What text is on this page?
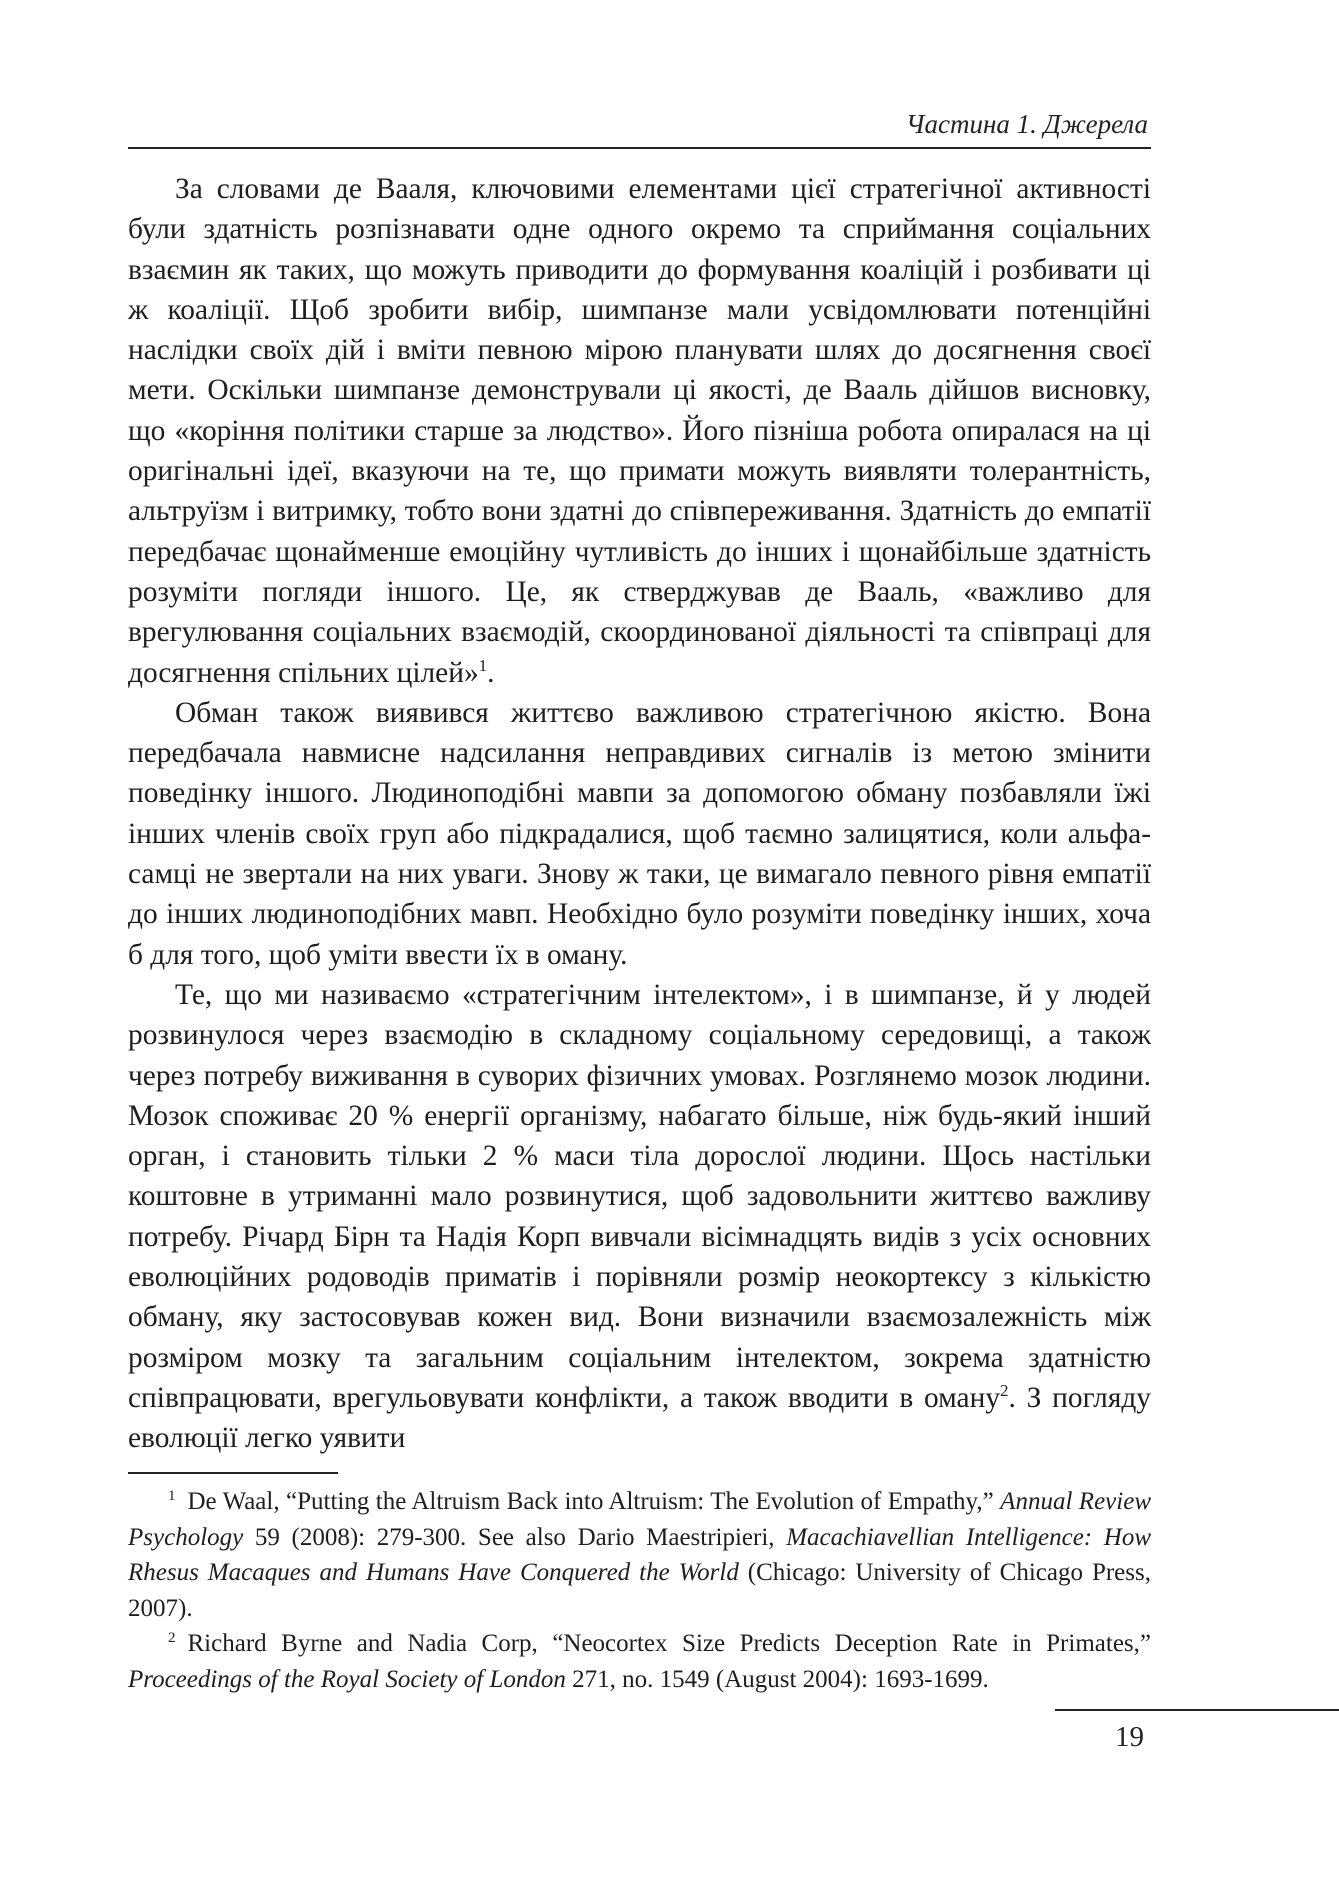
Частина 1. Джерела

За словами де Вааля, ключовими елементами цієї стратегічної активності були здатність розпізнавати одне одного окремо та сприймання соціальних взаємин як таких, що можуть приводити до формування коаліцій і розбивати ці ж коаліції. Щоб зробити вибір, шимпанзе мали усвідомлювати потенційні наслідки своїх дій і вміти певною мірою планувати шлях до досягнення своєї мети. Оскільки шимпанзе демонстрували ці якості, де Вааль дійшов висновку, що «коріння політики старше за людство». Його пізніша робота опиралася на ці оригінальні ідеї, вказуючи на те, що примати можуть виявляти толерантність, альтруїзм і витримку, тобто вони здатні до співпереживання. Здатність до емпатії передбачає щонайменше емоційну чутливість до інших і щонайбільше здатність розуміти погляди іншого. Це, як стверджував де Вааль, «важливо для врегулювання соціальних взаємодій, скоординованої діяльності та співпраці для досягнення спільних цілей»$^1$.

Обман також виявився життєво важливою стратегічною якістю. Вона передбачала навмисне надсилання неправдивих сигналів із метою змінити поведінку іншого. Людиноподібні мавпи за допомогою обману позбавляли їжі інших членів своїх груп або підкрадалися, щоб таємно залицятися, коли альфа-самці не звертали на них уваги. Знову ж таки, це вимагало певного рівня емпатії до інших людиноподібних мавп. Необхідно було розуміти поведінку інших, хоча б для того, щоб уміти ввести їх в оману.

Те, що ми називаємо «стратегічним інтелектом», і в шимпанзе, й у людей розвинулося через взаємодію в складному соціальному середовищі, а також через потребу виживання в суворих фізичних умовах. Розглянемо мозок людини. Мозок споживає 20 % енергії організму, набагато більше, ніж будь-який інший орган, і становить тільки 2 % маси тіла дорослої людини. Щось настільки коштовне в утриманні мало розвинутися, щоб задовольнити життєво важливу потребу. Річард Бірн та Надія Корп вивчали вісімнадцять видів з усіх основних еволюційних родоводів приматів і порівняли розмір неокортексу з кількістю обману, яку застосовував кожен вид. Вони визначили взаємозалежність між розміром мозку та загальним соціальним інтелектом, зокрема здатністю співпрацювати, врегульовувати конфлікти, а також вводити в оману$^2$. З погляду еволюції легко уявити

$^1$ De Waal, “Putting the Altruism Back into Altruism: The Evolution of Empathy,” Annual Review Psychology 59 (2008): 279-300. See also Dario Maestripieri, Macachiavellian Intelligence: How Rhesus Macaques and Humans Have Conquered the World (Chicago: University of Chicago Press, 2007).

$^2$ Richard Byrne and Nadia Corp, “Neocortex Size Predicts Deception Rate in Primates,” Proceedings of the Royal Society of London 271, no. 1549 (August 2004): 1693-1699.

19
